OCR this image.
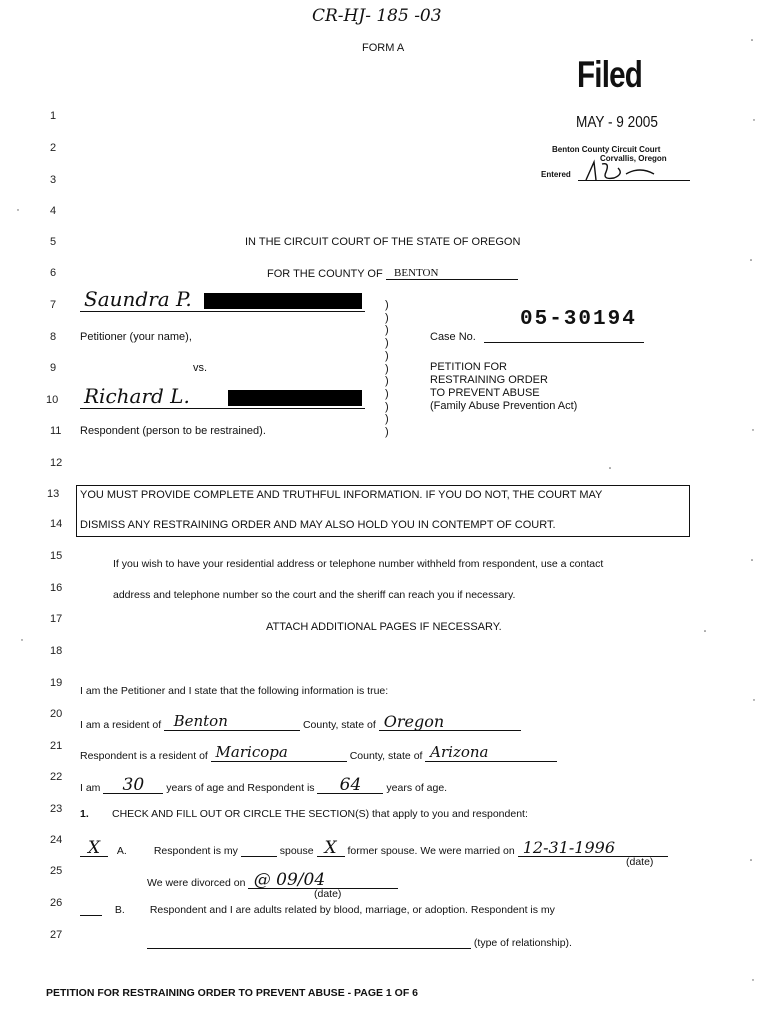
CR-HJ- 185 -03
FORM A
Filed
MAY - 9 2005
Benton County Circuit Court
Corvallis, Oregon
Entered
1
2
3
4
5
6
7
8
9
10
11
12
13
14
15
16
17
18
19
20
21
22
23
24
25
26
27
IN THE CIRCUIT COURT OF THE STATE OF OREGON
FOR THE COUNTY OF BENTON
Saundra P.
Petitioner (your name),
vs.
Richard L.
Respondent (person to be restrained).
)
)
)
)
)
)
)
)
)
)
)
Case No.
05-30194
PETITION FOR
RESTRAINING ORDER
TO PREVENT ABUSE
(Family Abuse Prevention Act)
YOU MUST PROVIDE COMPLETE AND TRUTHFUL INFORMATION. IF YOU DO NOT, THE COURT MAY
DISMISS ANY RESTRAINING ORDER AND MAY ALSO HOLD YOU IN CONTEMPT OF COURT.
If you wish to have your residential address or telephone number withheld from respondent, use a contact
address and telephone number so the court and the sheriff can reach you if necessary.
ATTACH ADDITIONAL PAGES IF NECESSARY.
I am the Petitioner and I state that the following information is true:
I am a resident of Benton	County, state of Oregon
Respondent is a resident of Maricopa	County, state of Arizona
I am 30 years of age and Respondent is 64 years of age.
1. CHECK AND FILL OUT OR CIRCLE THE SECTION(S) that apply to you and respondent:
X A.	Respondent is my	spouse X former spouse. We were married on 12-31-1996
(date)
We were divorced on @ 09/04
(date)
B. Respondent and I are adults related by blood, marriage, or adoption. Respondent is my
(type of relationship).
PETITION FOR RESTRAINING ORDER TO PREVENT ABUSE - PAGE 1 OF 6
